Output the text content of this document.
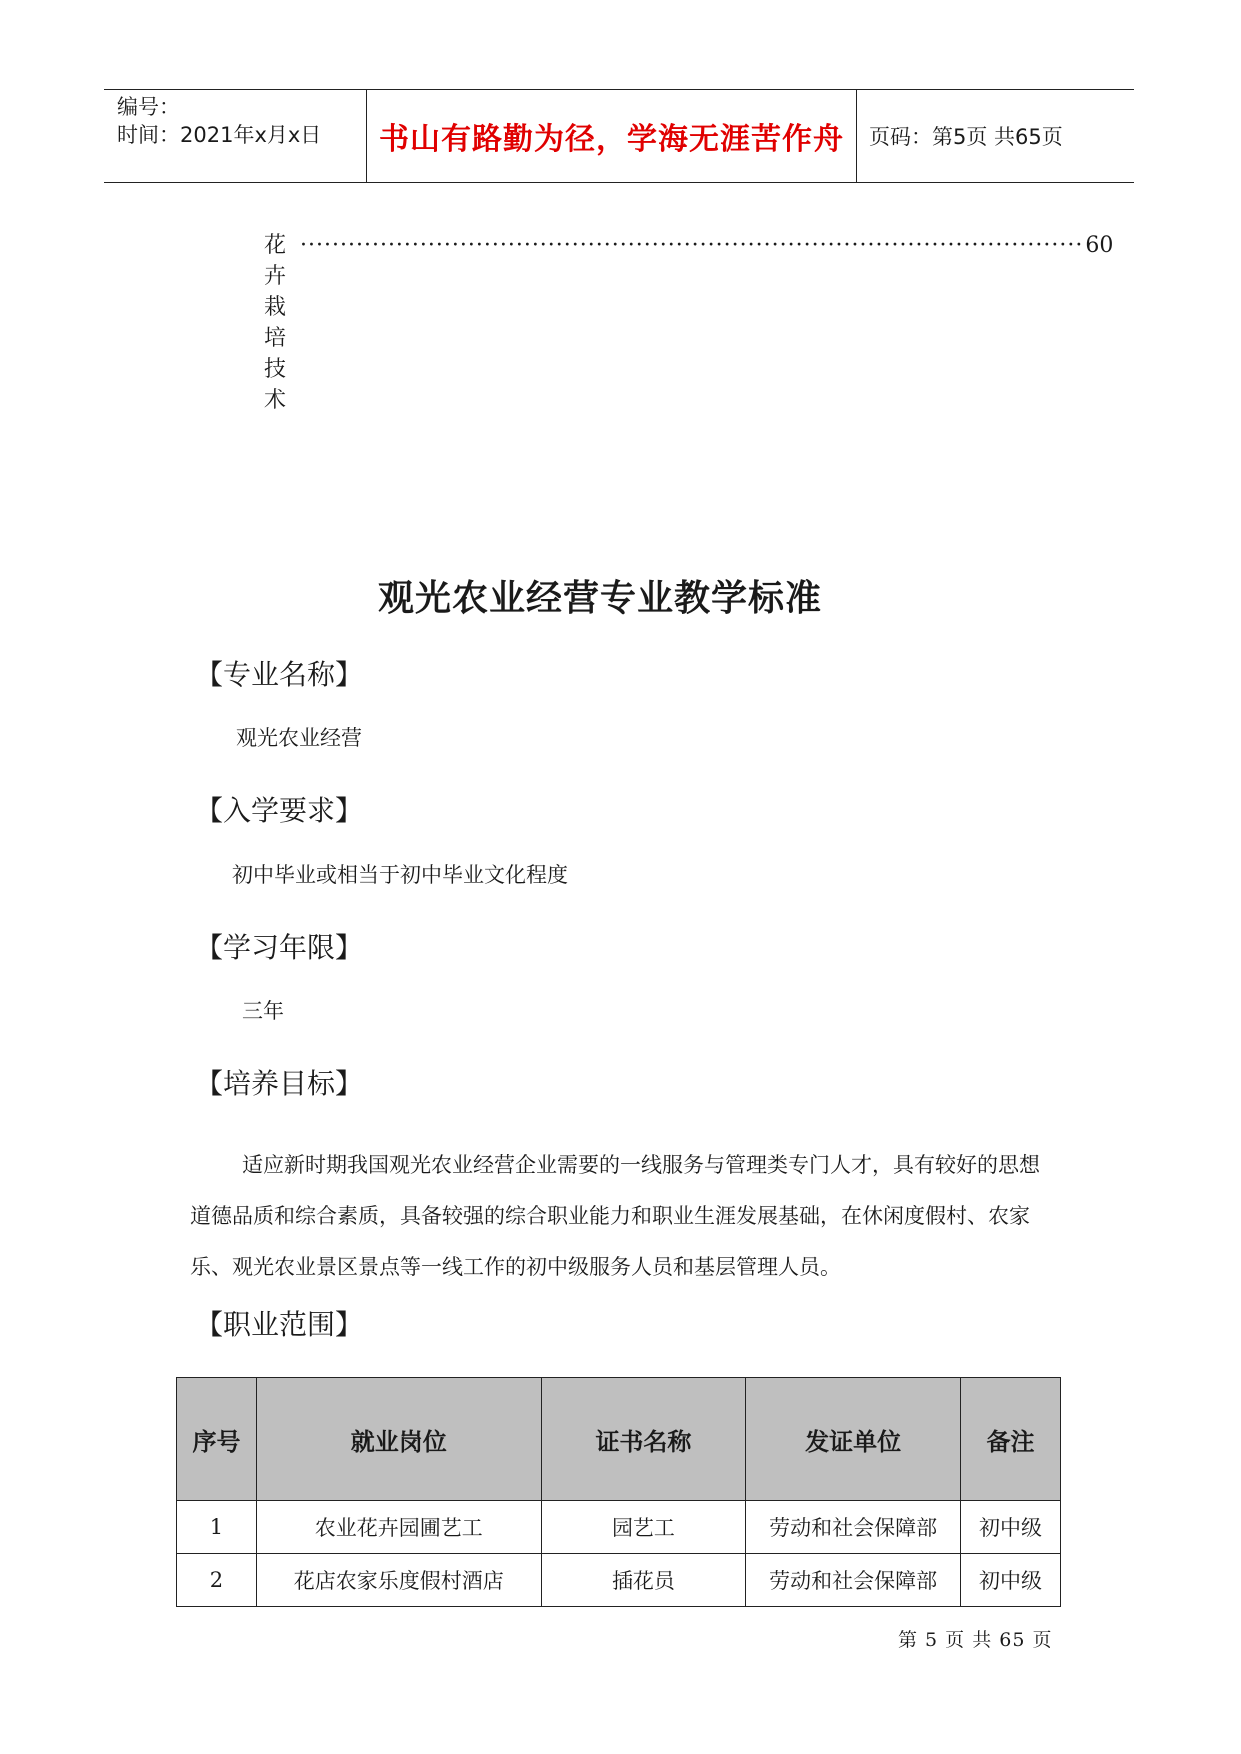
编号：
时间：2021年x月x日	书山有路勤为径，学海无涯苦作舟	页码：第5页 共65页
花卉栽培技术
·································································································· 60
观光农业经营专业教学标准
【专业名称】
观光农业经营
【入学要求】
初中毕业或相当于初中毕业文化程度
【学习年限】
三年
【培养目标】
适应新时期我国观光农业经营企业需要的一线服务与管理类专门人才，具有较好的思想道德品质和综合素质，具备较强的综合职业能力和职业生涯发展基础，在休闲度假村、农家乐、观光农业景区景点等一线工作的初中级服务人员和基层管理人员。
【职业范围】
序号	就业岗位	证书名称	发证单位	备注
1	农业花卉园圃艺工	园艺工	劳动和社会保障部	初中级
2	花店农家乐度假村酒店	插花员	劳动和社会保障部	初中级
第 5 页 共 65 页
